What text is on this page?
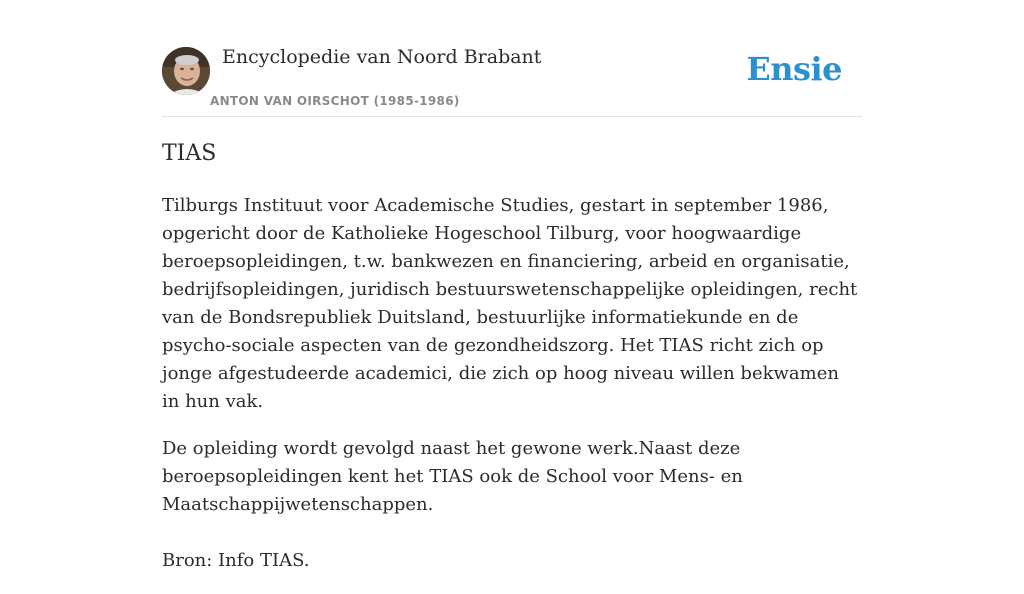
Encyclopedie van Noord Brabant
ANTON VAN OIRSCHOT (1985-1986)
Ensie
TIAS

Tilburgs Instituut voor Academische Studies, gestart in september 1986, opgericht door de Katholieke Hogeschool Tilburg, voor hoogwaardige beroepsopleidingen, t.w. bankwezen en financiering, arbeid en organisatie, bedrijfsopleidingen, juridisch bestuurswetenschappelijke opleidingen, recht van de Bondsrepubliek Duitsland, bestuurlijke informatiekunde en de psycho-sociale aspecten van de gezondheidszorg. Het TIAS richt zich op jonge afgestudeerde academici, die zich op hoog niveau willen bekwamen in hun vak.

De opleiding wordt gevolgd naast het gewone werk.Naast deze beroepsopleidingen kent het TIAS ook de School voor Mens- en Maatschappijwetenschappen.

Bron: Info TIAS.
